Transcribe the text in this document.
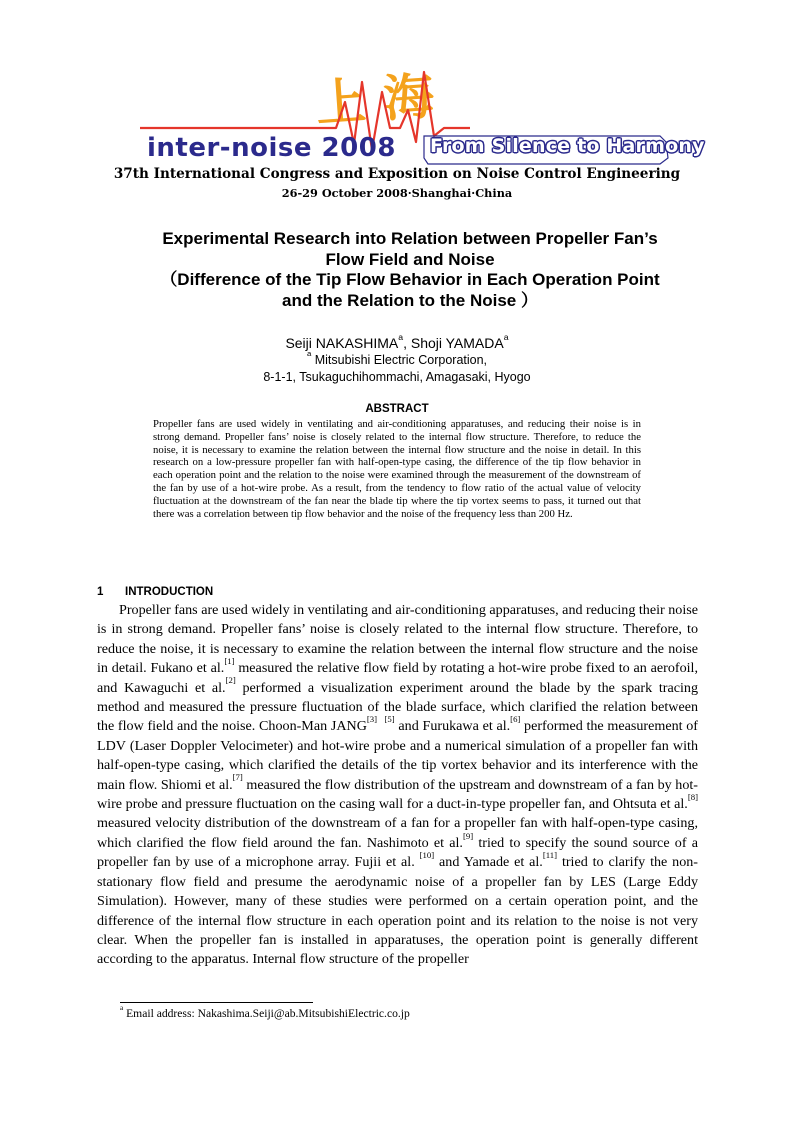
上海
inter-noise 2008 From Silence to Harmony
37th International Congress and Exposition on Noise Control Engineering
26-29 October 2008·Shanghai·China
Experimental Research into Relation between Propeller Fan’s
Flow Field and Noise
（Difference of the Tip Flow Behavior in Each Operation Point
and the Relation to the Noise ）
Seiji NAKASHIMA$^a$, Shoji YAMADA$^a$
$^a$ Mitsubishi Electric Corporation,
8-1-1, Tsukaguchihommachi, Amagasaki, Hyogo
ABSTRACT
Propeller fans are used widely in ventilating and air-conditioning apparatuses, and reducing their noise is in strong demand. Propeller fans’ noise is closely related to the internal flow structure. Therefore, to reduce the noise, it is necessary to examine the relation between the internal flow structure and the noise in detail. In this research on a low-pressure propeller fan with half-open-type casing, the difference of the tip flow behavior in each operation point and the relation to the noise were examined through the measurement of the downstream of the fan by use of a hot-wire probe. As a result, from the tendency to flow ratio of the actual value of velocity fluctuation at the downstream of the fan near the blade tip where the tip vortex seems to pass, it turned out that there was a correlation between tip flow behavior and the noise of the frequency less than 200 Hz.
1 INTRODUCTION
Propeller fans are used widely in ventilating and air-conditioning apparatuses, and reducing their noise is in strong demand. Propeller fans’ noise is closely related to the internal flow structure. Therefore, to reduce the noise, it is necessary to examine the relation between the internal flow structure and the noise in detail. Fukano et al.[1] measured the relative flow field by rotating a hot-wire probe fixed to an aerofoil, and Kawaguchi et al.[2] performed a visualization experiment around the blade by the spark tracing method and measured the pressure fluctuation of the blade surface, which clarified the relation between the flow field and the noise. Choon-Man JANG[3] [5] and Furukawa et al.[6] performed the measurement of LDV (Laser Doppler Velocimeter) and hot-wire probe and a numerical simulation of a propeller fan with half-open-type casing, which clarified the details of the tip vortex behavior and its interference with the main flow. Shiomi et al.[7] measured the flow distribution of the upstream and downstream of a fan by hot-wire probe and pressure fluctuation on the casing wall for a duct-in-type propeller fan, and Ohtsuta et al.[8] measured velocity distribution of the downstream of a fan for a propeller fan with half-open-type casing, which clarified the flow field around the fan. Nashimoto et al.[9] tried to specify the sound source of a propeller fan by use of a microphone array. Fujii et al. [10] and Yamade et al.[11] tried to clarify the non-stationary flow field and presume the aerodynamic noise of a propeller fan by LES (Large Eddy Simulation). However, many of these studies were performed on a certain operation point, and the difference of the internal flow structure in each operation point and its relation to the noise is not very clear. When the propeller fan is installed in apparatuses, the operation point is generally different according to the apparatus. Internal flow structure of the propeller
$^a$ Email address: Nakashima.Seiji@ab.MitsubishiElectric.co.jp
